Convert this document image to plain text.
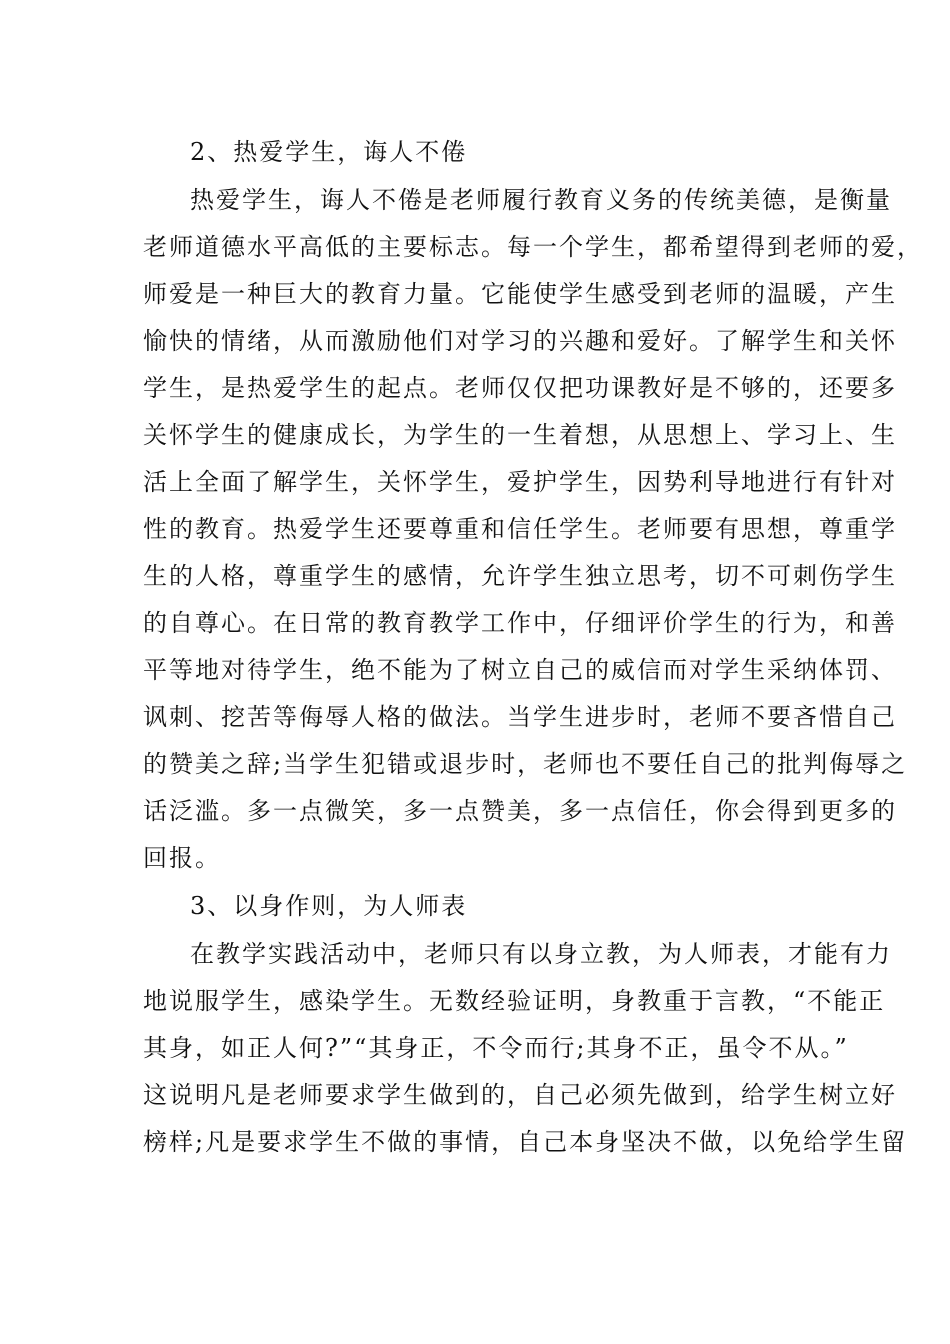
2、热爱学生，诲人不倦
热爱学生，诲人不倦是老师履行教育义务的传统美德，是衡量
老师道德水平高低的主要标志。每一个学生，都希望得到老师的爱，
师爱是一种巨大的教育力量。它能使学生感受到老师的温暖，产生
愉快的情绪，从而激励他们对学习的兴趣和爱好。了解学生和关怀
学生，是热爱学生的起点。老师仅仅把功课教好是不够的，还要多
关怀学生的健康成长，为学生的一生着想，从思想上、学习上、生
活上全面了解学生，关怀学生，爱护学生，因势利导地进行有针对
性的教育。热爱学生还要尊重和信任学生。老师要有思想，尊重学
生的人格，尊重学生的感情，允许学生独立思考，切不可刺伤学生
的自尊心。在日常的教育教学工作中，仔细评价学生的行为，和善
平等地对待学生，绝不能为了树立自己的威信而对学生采纳体罚、
讽刺、挖苦等侮辱人格的做法。当学生进步时，老师不要吝惜自己
的赞美之辞;当学生犯错或退步时，老师也不要任自己的批判侮辱之
话泛滥。多一点微笑，多一点赞美，多一点信任，你会得到更多的
回报。
3、以身作则，为人师表
在教学实践活动中，老师只有以身立教，为人师表，才能有力
地说服学生，感染学生。无数经验证明，身教重于言教，“不能正
其身，如正人何?”“其身正，不令而行;其身不正，虽令不从。”
这说明凡是老师要求学生做到的，自己必须先做到，给学生树立好
榜样;凡是要求学生不做的事情，自己本身坚决不做，以免给学生留
